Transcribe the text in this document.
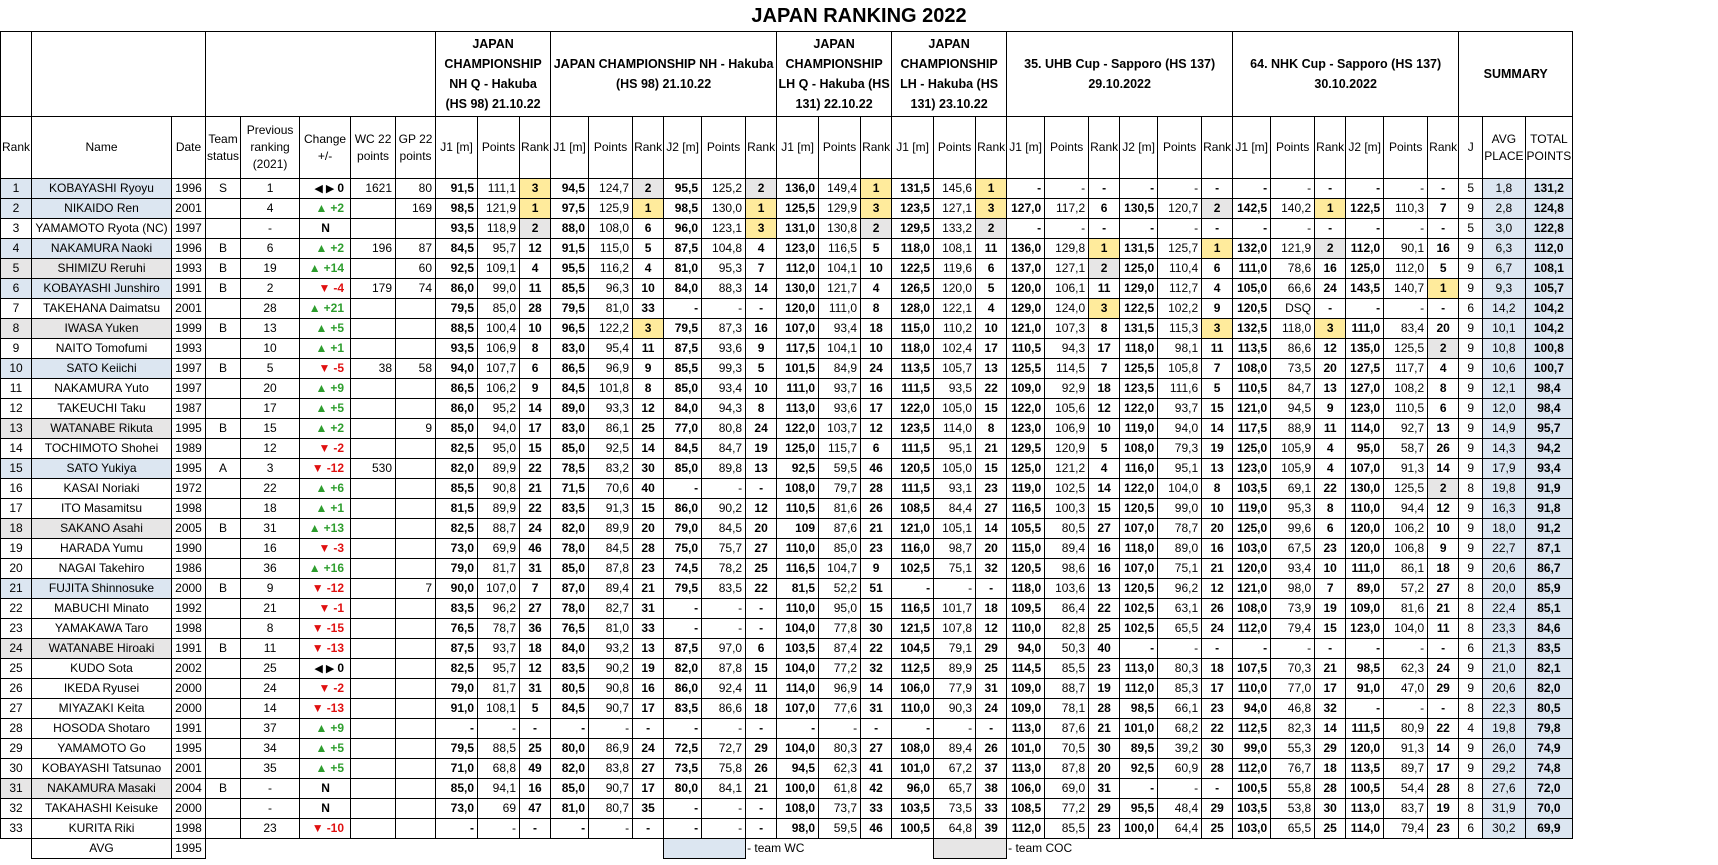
JAPAN RANKING 2022
								JAPAN CHAMPIONSHIP NH Q - Hakuba (HS 98) 21.10.22			JAPAN CHAMPIONSHIP NH - Hakuba (HS 98) 21.10.22						JAPAN CHAMPIONSHIP LH Q - Hakuba (HS 131) 22.10.22			JAPAN CHAMPIONSHIP LH - Hakuba (HS 131) 23.10.22			35. UHB Cup - Sapporo (HS 137) 29.10.2022						64. NHK Cup - Sapporo (HS 137) 30.10.2022						SUMMARY		
Rank	Name	Date	Team status	Previous ranking (2021)	Change +/-	WC 22 points	GP 22 points	J1 [m]	Points	Rank	J1 [m]	Points	Rank	J2 [m]	Points	Rank	J1 [m]	Points	Rank	J1 [m]	Points	Rank	J1 [m]	Points	Rank	J2 [m]	Points	Rank	J1 [m]	Points	Rank	J2 [m]	Points	Rank	J	AVG PLACE	TOTAL POINTS
1	KOBAYASHI Ryoyu	1996	S	1	◀ ▶ 0	1621	80	91,5	111,1	3	94,5	124,7	2	95,5	125,2	2	136,0	149,4	1	131,5	145,6	1	-	-	-	-	-	-	-	-	-	-	-	-	5	1,8	131,2
2	NIKAIDO Ren	2001		4	▲ +2		169	98,5	121,9	1	97,5	125,9	1	98,5	130,0	1	125,5	129,9	3	123,5	127,1	3	127,0	117,2	6	130,5	120,7	2	142,5	140,2	1	122,5	110,3	7	9	2,8	124,8
3	YAMAMOTO Ryota (NC)	1997		-	N			93,5	118,9	2	88,0	108,0	6	96,0	123,1	3	131,0	130,8	2	129,5	133,2	2	-	-	-	-	-	-	-	-	-	-	-	-	5	3,0	122,8
4	NAKAMURA Naoki	1996	B	6	▲ +2	196	87	84,5	95,7	12	91,5	115,0	5	87,5	104,8	4	123,0	116,5	5	118,0	108,1	11	136,0	129,8	1	131,5	125,7	1	132,0	121,9	2	112,0	90,1	16	9	6,3	112,0
5	SHIMIZU Reruhi	1993	B	19	▲ +14		60	92,5	109,1	4	95,5	116,2	4	81,0	95,3	7	112,0	104,1	10	122,5	119,6	6	137,0	127,1	2	125,0	110,4	6	111,0	78,6	16	125,0	112,0	5	9	6,7	108,1
6	KOBAYASHI Junshiro	1991	B	2	▼ -4	179	74	86,0	99,0	11	85,5	96,3	10	84,0	88,3	14	130,0	121,7	4	126,5	120,0	5	120,0	106,1	11	129,0	112,7	4	105,0	66,6	24	143,5	140,7	1	9	9,3	105,7
7	TAKEHANA Daimatsu	2001		28	▲ +21			79,5	85,0	28	79,5	81,0	33	-	-	-	120,0	111,0	8	128,0	122,1	4	129,0	124,0	3	122,5	102,2	9	120,5	DSQ	-	-	-	-	6	14,2	104,2
8	IWASA Yuken	1999	B	13	▲ +5			88,5	100,4	10	96,5	122,2	3	79,5	87,3	16	107,0	93,4	18	115,0	110,2	10	121,0	107,3	8	131,5	115,3	3	132,5	118,0	3	111,0	83,4	20	9	10,1	104,2
9	NAITO Tomofumi	1993		10	▲ +1			93,5	106,9	8	83,0	95,4	11	87,5	93,6	9	117,5	104,1	10	118,0	102,4	17	110,5	94,3	17	118,0	98,1	11	113,5	86,6	12	135,0	125,5	2	9	10,8	100,8
10	SATO Keiichi	1997	B	5	▼ -5	38	58	94,0	107,7	6	86,5	96,9	9	85,5	99,3	5	101,5	84,9	24	113,5	105,7	13	125,5	114,5	7	125,5	105,8	7	108,0	73,5	20	127,5	117,7	4	9	10,6	100,7
11	NAKAMURA Yuto	1997		20	▲ +9			86,5	106,2	9	84,5	101,8	8	85,0	93,4	10	111,0	93,7	16	111,5	93,5	22	109,0	92,9	18	123,5	111,6	5	110,5	84,7	13	127,0	108,2	8	9	12,1	98,4
12	TAKEUCHI Taku	1987		17	▲ +5			86,0	95,2	14	89,0	93,3	12	84,0	94,3	8	113,0	93,6	17	122,0	105,0	15	122,0	105,6	12	122,0	93,7	15	121,0	94,5	9	123,0	110,5	6	9	12,0	98,4
13	WATANABE Rikuta	1995	B	15	▲ +2		9	85,0	94,0	17	83,0	86,1	25	77,0	80,8	24	122,0	103,7	12	123,5	114,0	8	123,0	106,9	10	119,0	94,0	14	117,5	88,9	11	114,0	92,7	13	9	14,9	95,7
14	TOCHIMOTO Shohei	1989		12	▼ -2			82,5	95,0	15	85,0	92,5	14	84,5	84,7	19	125,0	115,7	6	111,5	95,1	21	129,5	120,9	5	108,0	79,3	19	125,0	105,9	4	95,0	58,7	26	9	14,3	94,2
15	SATO Yukiya	1995	A	3	▼ -12	530		82,0	89,9	22	78,5	83,2	30	85,0	89,8	13	92,5	59,5	46	120,5	105,0	15	125,0	121,2	4	116,0	95,1	13	123,0	105,9	4	107,0	91,3	14	9	17,9	93,4
16	KASAI Noriaki	1972		22	▲ +6			85,5	90,8	21	71,5	70,6	40	-	-	-	108,0	79,7	28	111,5	93,1	23	119,0	102,5	14	122,0	104,0	8	103,5	69,1	22	130,0	125,5	2	8	19,8	91,9
17	ITO Masamitsu	1998		18	▲ +1			81,5	89,9	22	83,5	91,3	15	86,0	90,2	12	110,5	81,6	26	108,5	84,4	27	116,5	100,3	15	120,5	99,0	10	119,0	95,3	8	110,0	94,4	12	9	16,3	91,8
18	SAKANO Asahi	2005	B	31	▲ +13			82,5	88,7	24	82,0	89,9	20	79,0	84,5	20	109	87,6	21	121,0	105,1	14	105,5	80,5	27	107,0	78,7	20	125,0	99,6	6	120,0	106,2	10	9	18,0	91,2
19	HARADA Yumu	1990		16	▼ -3			73,0	69,9	46	78,0	84,5	28	75,0	75,7	27	110,0	85,0	23	116,0	98,7	20	115,0	89,4	16	118,0	89,0	16	103,0	67,5	23	120,0	106,8	9	9	22,7	87,1
20	NAGAI Takehiro	1986		36	▲ +16			79,0	81,7	31	85,0	87,8	23	74,5	78,2	25	116,5	104,7	9	102,5	75,1	32	120,5	98,6	16	107,0	75,1	21	120,0	93,4	10	111,0	86,1	18	9	20,6	86,7
21	FUJITA Shinnosuke	2000	B	9	▼ -12		7	90,0	107,0	7	87,0	89,4	21	79,5	83,5	22	81,5	52,2	51	-	-	-	118,0	103,6	13	120,5	96,2	12	121,0	98,0	7	89,0	57,2	27	8	20,0	85,9
22	MABUCHI Minato	1992		21	▼ -1			83,5	96,2	27	78,0	82,7	31	-	-	-	110,0	95,0	15	116,5	101,7	18	109,5	86,4	22	102,5	63,1	26	108,0	73,9	19	109,0	81,6	21	8	22,4	85,1
23	YAMAKAWA Taro	1998		8	▼ -15			76,5	78,7	36	76,5	81,0	33	-	-	-	104,0	77,8	30	121,5	107,8	12	110,0	82,8	25	102,5	65,5	24	112,0	79,4	15	123,0	104,0	11	8	23,3	84,6
24	WATANABE Hiroaki	1991	B	11	▼ -13			87,5	93,7	18	84,0	93,2	13	87,5	97,0	6	103,5	87,4	22	104,5	79,1	29	94,0	50,3	40	-	-	-	-	-	-	-	-	-	6	21,3	83,5
25	KUDO Sota	2002		25	◀ ▶ 0			82,5	95,7	12	83,5	90,2	19	82,0	87,8	15	104,0	77,2	32	112,5	89,9	25	114,5	85,5	23	113,0	80,3	18	107,5	70,3	21	98,5	62,3	24	9	21,0	82,1
26	IKEDA Ryusei	2000		24	▼ -2			79,0	81,7	31	80,5	90,8	16	86,0	92,4	11	114,0	96,9	14	106,0	77,9	31	109,0	88,7	19	112,0	85,3	17	110,0	77,0	17	91,0	47,0	29	9	20,6	82,0
27	MIYAZAKI Keita	2000		14	▼ -13			91,0	108,1	5	84,5	90,7	17	83,5	86,6	18	107,0	77,6	31	110,0	90,3	24	109,0	78,1	28	98,5	66,1	23	94,0	46,8	32	-	-	-	8	22,3	80,5
28	HOSODA Shotaro	1991		37	▲ +9			-	-	-	-	-	-	-	-	-	-	-	-	-	-	-	113,0	87,6	21	101,0	68,2	22	112,5	82,3	14	111,5	80,9	22	4	19,8	79,8
29	YAMAMOTO Go	1995		34	▲ +5			79,5	88,5	25	80,0	86,9	24	72,5	72,7	29	104,0	80,3	27	108,0	89,4	26	101,0	70,5	30	89,5	39,2	30	99,0	55,3	29	120,0	91,3	14	9	26,0	74,9
30	KOBAYASHI Tatsunao	2001		35	▲ +5			71,0	68,8	49	82,0	83,8	27	73,5	75,8	26	94,5	62,3	41	101,0	67,2	37	113,0	87,8	20	92,5	60,9	28	112,0	76,7	18	113,5	89,7	17	9	29,2	74,8
31	NAKAMURA Masaki	2004	B	-	N			85,0	94,1	16	85,0	90,7	17	80,0	84,1	21	100,0	61,8	42	96,0	65,7	38	106,0	69,0	31	-	-	-	100,5	55,8	28	100,5	54,4	28	8	27,6	72,0
32	TAKAHASHI Keisuke	2000		-	N			73,0	69	47	81,0	80,7	35	-	-	-	108,0	73,7	33	103,5	73,5	33	108,5	77,2	29	95,5	48,4	29	103,5	53,8	30	113,0	83,7	19	8	31,9	70,0
33	KURITA Riki	1998		23	▼ -10			-	-	-	-	-	-	-	-	-	98,0	59,5	46	100,5	64,8	39	112,0	85,5	23	100,0	64,4	25	103,0	65,5	25	114,0	79,4	23	6	30,2	69,9
	AVG	1995														- team WC							- team COC														
